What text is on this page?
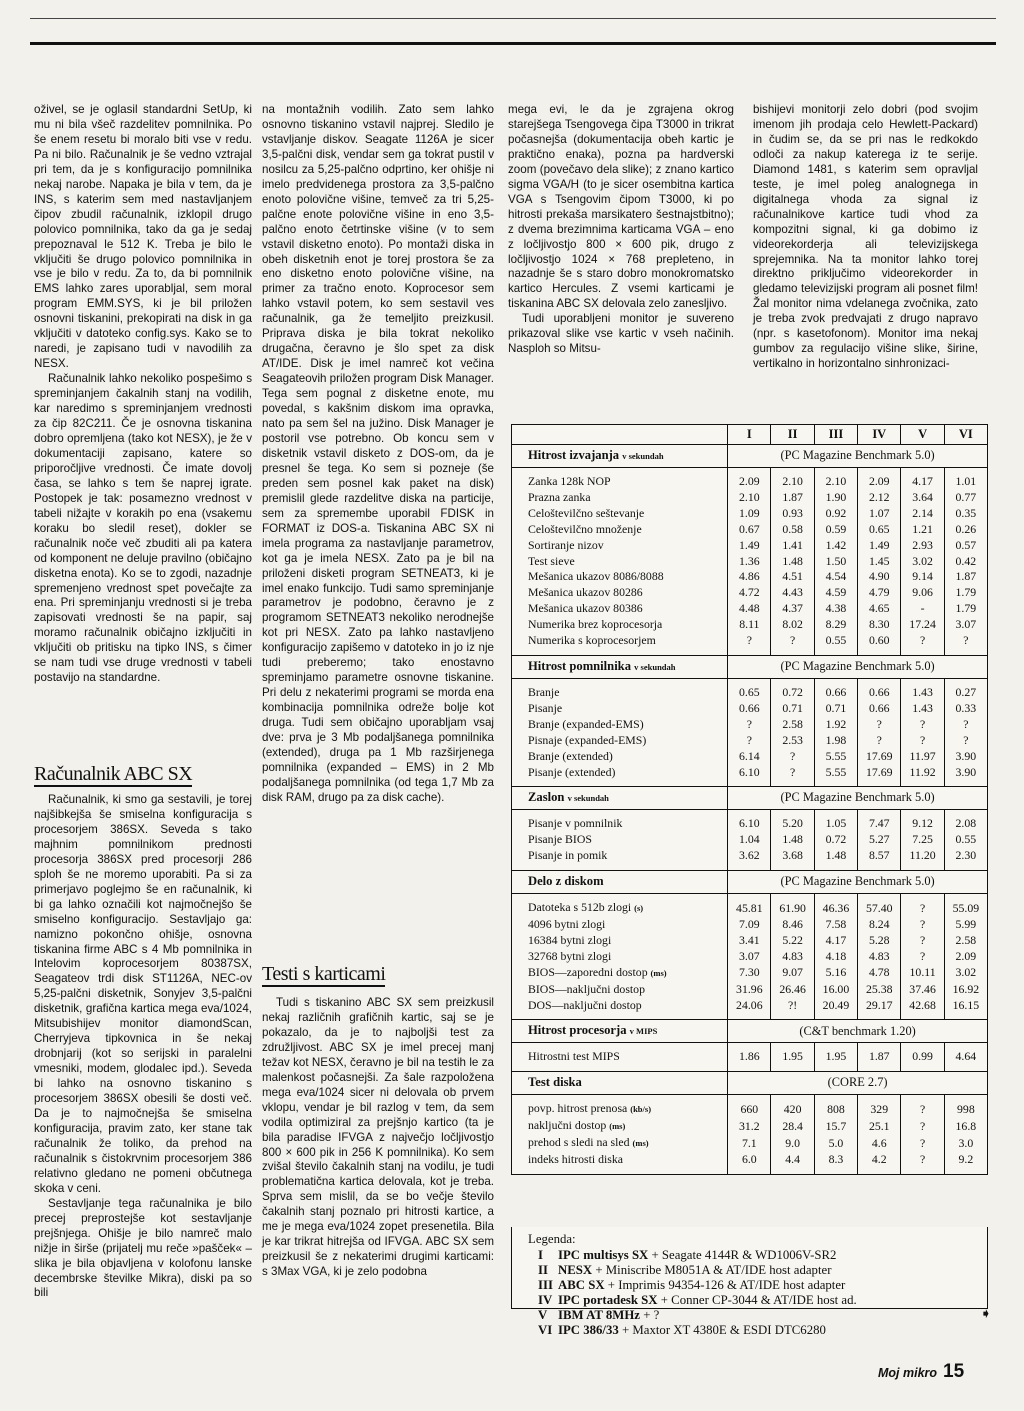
oživel, se je oglasil standardni SetUp, ki mu ni bila všeč razdelitev pomnilnika. Po še enem resetu bi moralo biti vse v redu. Pa ni bilo. Računalnik je še vedno vztrajal pri tem, da je s konfiguracijo pomnilnika nekaj narobe. Napaka je bila v tem, da je INS, s katerim sem med nastavljanjem čipov zbudil računalnik, izklopil drugo polovico pomnilnika, tako da ga je sedaj prepoznaval le 512 K. Treba je bilo le vključiti še drugo polovico pomnilnika in vse je bilo v redu. Za to, da bi pomnilnik EMS lahko zares uporabljal, sem moral program EMM.SYS, ki je bil priložen osnovni tiskanini, prekopirati na disk in ga vključiti v datoteko config.sys. Kako se to naredi, je zapisano tudi v navodilih za NESX.

Računalnik lahko nekoliko pospešimo s spreminjanjem čakalnih stanj na vodilih, kar naredimo s spreminjanjem vrednosti za čip 82C211. Če je osnovna tiskanina dobro opremljena (tako kot NESX), je že v dokumentaciji zapisano, katere so priporočljive vrednosti. Če imate dovolj časa, se lahko s tem še naprej igrate. Postopek je tak: posamezno vrednost v tabeli nižajte v korakih po ena (vsakemu koraku bo sledil reset), dokler se računalnik noče več zbuditi ali pa katera od komponent ne deluje pravilno (običajno disketna enota). Ko se to zgodi, nazadnje spremenjeno vrednost spet povečajte za ena. Pri spreminjanju vrednosti si je treba zapisovati vrednosti še na papir, saj moramo računalnik običajno izključiti in vključiti ob pritisku na tipko INS, s čimer se nam tudi vse druge vrednosti v tabeli postavijo na standardne.

Računalnik ABC SX

Računalnik, ki smo ga sestavili, je torej najšibkejša še smiselna konfiguracija s procesorjem 386SX. Seveda s tako majhnim pomnilnikom prednosti procesorja 386SX pred procesorji 286 sploh še ne moremo uporabiti. Pa si za primerjavo poglejmo še en računalnik, ki bi ga lahko označili kot najmočnejšo še smiselno konfiguracijo. Sestavljajo ga: namizno pokončno ohišje, osnovna tiskanina firme ABC s 4 Mb pomnilnika in Intelovim koprocesorjem 80387SX, Seagateov trdi disk ST1126A, NEC-ov 5,25-palčni disketnik, Sonyjev 3,5-palčni disketnik, grafična kartica mega eva/1024, Mitsubishijev monitor diamondScan, Cherryjeva tipkovnica in še nekaj drobnjarij (kot so serijski in paralelni vmesniki, modem, glodalec ipd.). Seveda bi lahko na osnovno tiskanino s procesorjem 386SX obesili še dosti več. Da je to najmočnejša še smiselna konfiguracija, pravim zato, ker stane tak računalnik že toliko, da prehod na računalnik s čistokrvnim procesorjem 386 relativno gledano ne pomeni občutnega skoka v ceni.

Sestavljanje tega računalnika je bilo precej preprostejše kot sestavljanje prejšnjega. Ohišje je bilo namreč malo nižje in širše (prijatelj mu reče »pašček« – slika je bila objavljena v kolofonu lanske decembrske številke Mikra), diski pa so bili

na montažnih vodilih. Zato sem lahko osnovno tiskanino vstavil najprej. Sledilo je vstavljanje diskov. Seagate 1126A je sicer 3,5-palčni disk, vendar sem ga tokrat pustil v nosilcu za 5,25-palčno odprtino, ker ohišje ni imelo predvidenega prostora za 3,5-palčno enoto polovične višine, temveč za tri 5,25-palčne enote polovične višine in eno 3,5-palčno enoto četrtinske višine (v to sem vstavil disketno enoto). Po montaži diska in obeh disketnih enot je torej prostora še za eno disketno enoto polovične višine, na primer za tračno enoto. Koprocesor sem lahko vstavil potem, ko sem sestavil ves računalnik, ga že temeljito preizkusil. Pripravа diska je bila tokrat nekoliko drugačna, čeravno je šlo spet za disk AT/IDE. Disk je imel namreč kot večina Seagateovih priložen program Disk Manager. Tega sem pognal z disketne enote, mu povedal, s kakšnim diskom ima opravka, nato pa sem šel na južino. Disk Manager je postoril vse potrebno. Ob koncu sem v disketnik vstavil disketo z DOS-om, da je presnel še tega. Ko sem si pozneje (še preden sem posnel kak paket na disk) premislil glede razdelitve diska na particije, sem za spremembe uporabil FDISK in FORMAT iz DOS-a. Tiskanina ABC SX ni imela programa za nastavljanje parametrov, kot ga je imela NESX. Zato pa je bil na priloženi disketi program SETNEAT3, ki je imel enako funkcijo. Tudi samo spreminjanje parametrov je podobno, čeravno je z programom SETNEAT3 nekoliko nerodnejše kot pri NESX. Zato pa lahko nastavljeno konfiguracijo zapišemo v datoteko in jo iz nje tudi preberemo; tako enostavno spreminjamo parametre osnovne tiskanine. Pri delu z nekaterimi programi se morda ena kombinacija pomnilnika odreže bolje kot druga. Tudi sem običajno uporabljam vsaj dve: prva je 3 Mb podaljšanega pomnilnika (extended), druga pa 1 Mb razširjenega pomnilnika (expanded – EMS) in 2 Mb podaljšanega pomnilnika (od tega 1,7 Mb za disk RAM, drugo pa za disk cache).

Testi s karticami

Tudi s tiskanino ABC SX sem preizkusil nekaj različnih grafičnih kartic, saj se je pokazalo, da je to najboljši test za združljivost. ABC SX je imel precej manj težav kot NESX, čeravno je bil na testih le za malenkost počasnejši. Za šale razpoložena mega eva/1024 sicer ni delovala ob prvem vklopu, vendar je bil razlog v tem, da sem vodila optimiziral za prejšnjo kartico (ta je bila paradise IFVGA z največjo ločljivostjo 800 × 600 pik in 256 K pomnilnika). Ko sem zvišal število čakalnih stanj na vodilu, je tudi problematična kartica delovala, kot je treba. Sprva sem mislil, da se bo večje število čakalnih stanj poznalo pri hitrosti kartice, a me je mega eva/1024 zopet presenetila. Bila je kar trikrat hitrejša od IFVGA. ABC SX sem preizkusil še z nekaterimi drugimi karticami: s 3Max VGA, ki je zelo podobna

mega evi, le da je zgrajena okrog starejšega Tsengovega čipa T3000 in trikrat počasnejša (dokumentacija obeh kartic je praktično enaka), pozna pa hardverski zoom (povečavo dela slike); z znano kartico sigma VGA/H (to je sicer osembitna kartica VGA s Tsengovim čipom T3000, ki po hitrosti prekaša marsikatero šestnajstbitno); z dvema brezimnima karticama VGA – eno z ločljivostjo 800 × 600 pik, drugo z ločljivostjo 1024 × 768 prepleteno, in nazadnje še s staro dobro monokromatsko kartico Hercules. Z vsemi karticami je tiskanina ABC SX delovala zelo zanesljivo.

Tudi uporabljeni monitor je suvereno prikazoval slike vse kartic v vseh načinih. Nasploh so Mitsu-

bishijevi monitorji zelo dobri (pod svojim imenom jih prodaja celo Hewlett-Packard) in čudim se, da se pri nas le redkokdo odloči za nakup katerega iz te serije. Diamond 1481, s katerim sem opravljal teste, je imel poleg analognega in digitalnega vhoda za signal iz računalnikove kartice tudi vhod za kompozitni signal, ki ga dobimo iz videorekorderja ali televizijskega sprejemnika. Na ta monitor lahko torej direktno priključimo videorekorder in gledamo televizijski program ali posnet film! Žal monitor nima vdelanega zvočnika, zato je treba zvok predvajati z drugo napravo (npr. s kasetofonom). Monitor ima nekaj gumbov za regulacijo višine slike, širine, vertikalno in horizontalno sinhronizaci-

	I	II	III	IV	V	VI
Hitrost izvajanja v sekundah	(PC Magazine Benchmark 5.0)					

Zanka 128k NOP	2.09	2.10	2.10	2.09	4.17	1.01
Prazna zanka	2.10	1.87	1.90	2.12	3.64	0.77
Celoštevilčno seštevanje	1.09	0.93	0.92	1.07	2.14	0.35
Celoštevilčno množenje	0.67	0.58	0.59	0.65	1.21	0.26
Sortiranje nizov	1.49	1.41	1.42	1.49	2.93	0.57
Test sieve	1.36	1.48	1.50	1.45	3.02	0.42
Mešanica ukazov 8086/8088	4.86	4.51	4.54	4.90	9.14	1.87
Mešanica ukazov 80286	4.72	4.43	4.59	4.79	9.06	1.79
Mešanica ukazov 80386	4.48	4.37	4.38	4.65	-	1.79
Numerika brez koprocesorja	8.11	8.02	8.29	8.30	17.24	3.07
Numerika s koprocesorjem	?	?	0.55	0.60	?	?

Hitrost pomnilnika v sekundah	(PC Magazine Benchmark 5.0)					

Branje	0.65	0.72	0.66	0.66	1.43	0.27
Pisanje	0.66	0.71	0.71	0.66	1.43	0.33
Branje (expanded-EMS)	?	2.58	1.92	?	?	?
Pisnaje (expanded-EMS)	?	2.53	1.98	?	?	?
Branje (extended)	6.14	?	5.55	17.69	11.97	3.90
Pisanje (extended)	6.10	?	5.55	17.69	11.92	3.90

Zaslon v sekundah	(PC Magazine Benchmark 5.0)					

Pisanje v pomnilnik	6.10	5.20	1.05	7.47	9.12	2.08
Pisanje BIOS	1.04	1.48	0.72	5.27	7.25	0.55
Pisanje in pomik	3.62	3.68	1.48	8.57	11.20	2.30

Delo z diskom	(PC Magazine Benchmark 5.0)					

Datoteka s 512b zlogi (s)	45.81	61.90	46.36	57.40	?	55.09
4096 bytni zlogi	7.09	8.46	7.58	8.24	?	5.99
16384 bytni zlogi	3.41	5.22	4.17	5.28	?	2.58
32768 bytni zlogi	3.07	4.83	4.18	4.83	?	2.09
BIOS—zaporedni dostop (ms)	7.30	9.07	5.16	4.78	10.11	3.02
BIOS—naključni dostop	31.96	26.46	16.00	25.38	37.46	16.92
DOS—naključni dostop	24.06	?!	20.49	29.17	42.68	16.15

Hitrost procesorja v MIPS	(C&T benchmark 1.20)					

Hitrostni test MIPS	1.86	1.95	1.95	1.87	0.99	4.64

Test diska	(CORE 2.7)					

povp. hitrost prenosa (kb/s)	660	420	808	329	?	998
naključni dostop (ms)	31.2	28.4	15.7	25.1	?	16.8
prehod s sledi na sled (ms)	7.1	9.0	5.0	4.6	?	3.0
indeks hitrosti diska	6.0	4.4	8.3	4.2	?	9.2

Legenda:
I IPC multisys SX + Seagate 4144R & WD1006V-SR2
II NESX + Miniscribe M8051A & AT/IDE host adapter
III ABC SX + Imprimis 94354-126 & AT/IDE host adapter
IV IPC portadesk SX + Conner CP-3044 & AT/IDE host ad.
V IBM AT 8MHz + ?
VI IPC 386/33 + Maxtor XT 4380E & ESDI DTC6280
➧
Moj mikro 15
